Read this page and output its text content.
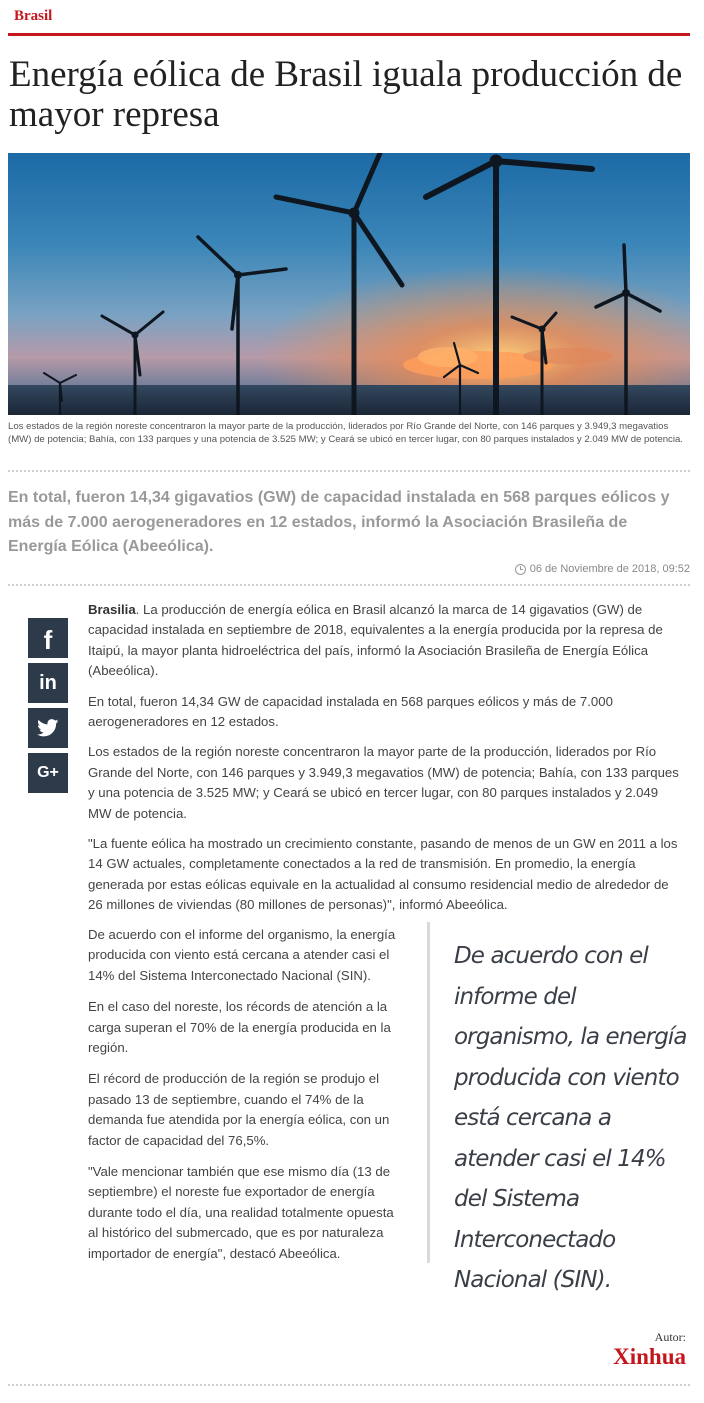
Brasil
Energía eólica de Brasil iguala producción de mayor represa

Los estados de la región noreste concentraron la mayor parte de la producción, liderados por Río Grande del Norte, con 146 parques y 3.949,3 megavatios (MW) de potencia; Bahía, con 133 parques y una potencia de 3.525 MW; y Ceará se ubicó en tercer lugar, con 80 parques instalados y 2.049 MW de potencia.

En total, fueron 14,34 gigavatios (GW) de capacidad instalada en 568 parques eólicos y más de 7.000 aerogeneradores en 12 estados, informó la Asociación Brasileña de Energía Eólica (Abeeólica).

06 de Noviembre de 2018, 09:52
f
in
G+

Brasilia. La producción de energía eólica en Brasil alcanzó la marca de 14 gigavatios (GW) de capacidad instalada en septiembre de 2018, equivalentes a la energía producida por la represa de Itaipú, la mayor planta hidroeléctrica del país, informó la Asociación Brasileña de Energía Eólica (Abeeólica).

En total, fueron 14,34 GW de capacidad instalada en 568 parques eólicos y más de 7.000 aerogeneradores en 12 estados.

Los estados de la región noreste concentraron la mayor parte de la producción, liderados por Río Grande del Norte, con 146 parques y 3.949,3 megavatios (MW) de potencia; Bahía, con 133 parques y una potencia de 3.525 MW; y Ceará se ubicó en tercer lugar, con 80 parques instalados y 2.049 MW de potencia.

"La fuente eólica ha mostrado un crecimiento constante, pasando de menos de un GW en 2011 a los 14 GW actuales, completamente conectados a la red de transmisión. En promedio, la energía generada por estas eólicas equivale en la actualidad al consumo residencial medio de alrededor de 26 millones de viviendas (80 millones de personas)", informó Abeeólica.

De acuerdo con el informe del organismo, la energía producida con viento está cercana a atender casi el 14% del Sistema Interconectado Nacional (SIN).

En el caso del noreste, los récords de atención a la carga superan el 70% de la energía producida en la región.

El récord de producción de la región se produjo el pasado 13 de septiembre, cuando el 74% de la demanda fue atendida por la energía eólica, con un factor de capacidad del 76,5%.

"Vale mencionar también que ese mismo día (13 de septiembre) el noreste fue exportador de energía durante todo el día, una realidad totalmente opuesta al histórico del submercado, que es por naturaleza importador de energía", destacó Abeeólica.

De acuerdo con el informe del organismo, la energía producida con viento está cercana a atender casi el 14% del Sistema Interconectado Nacional (SIN).
Autor:
Xinhua
